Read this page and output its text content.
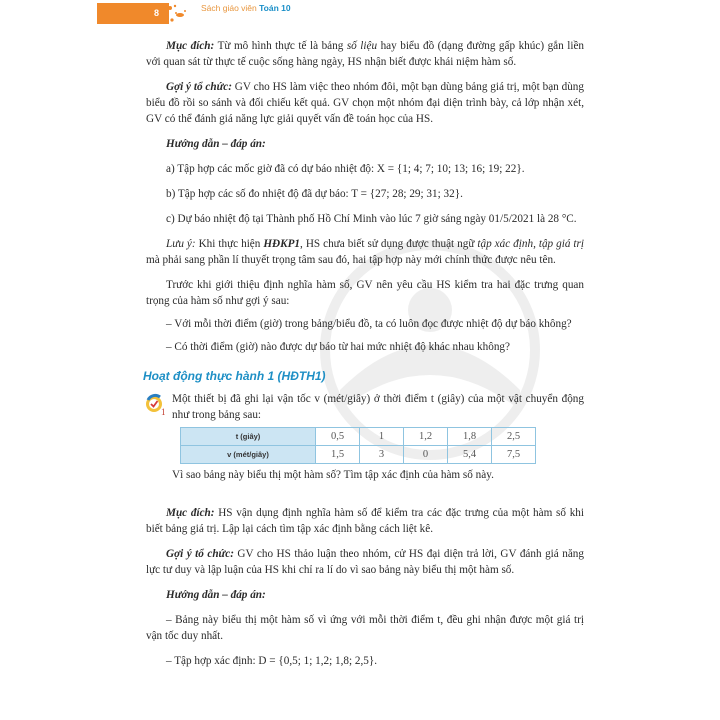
8	Sách giáo viên Toán 10

Mục đích: Từ mô hình thực tế là bảng số liệu hay biểu đồ (dạng đường gấp khúc) gắn liền với quan sát từ thực tế cuộc sống hàng ngày, HS nhận biết được khái niệm hàm số.

Gợi ý tổ chức: GV cho HS làm việc theo nhóm đôi, một bạn dùng bảng giá trị, một bạn dùng biểu đồ rồi so sánh và đối chiếu kết quả. GV chọn một nhóm đại diện trình bày, cả lớp nhận xét, GV có thể đánh giá năng lực giải quyết vấn đề toán học của HS.

Hướng dẫn – đáp án:

a) Tập hợp các mốc giờ đã có dự báo nhiệt độ: X = {1; 4; 7; 10; 13; 16; 19; 22}.

b) Tập hợp các số đo nhiệt độ đã dự báo: T = {27; 28; 29; 31; 32}.

c) Dự báo nhiệt độ tại Thành phố Hồ Chí Minh vào lúc 7 giờ sáng ngày 01/5/2021 là 28 °C.

Lưu ý: Khi thực hiện HĐKP1, HS chưa biết sử dụng được thuật ngữ tập xác định, tập giá trị mà phải sang phần lí thuyết trọng tâm sau đó, hai tập hợp này mới chính thức được nêu tên.

Trước khi giới thiệu định nghĩa hàm số, GV nên yêu cầu HS kiểm tra hai đặc trưng quan trọng của hàm số như gợi ý sau:

– Với mỗi thời điểm (giờ) trong bảng/biểu đồ, ta có luôn đọc được nhiệt độ dự báo không?

– Có thời điểm (giờ) nào được dự báo từ hai mức nhiệt độ khác nhau không?

Hoạt động thực hành 1 (HĐTH1)
1

Một thiết bị đã ghi lại vận tốc v (mét/giây) ở thời điểm t (giây) của một vật chuyển động như trong bảng sau:

t (giây)	0,5	1	1,2	1,8	2,5
v (mét/giây)	1,5	3	0	5,4	7,5

Vì sao bảng này biểu thị một hàm số? Tìm tập xác định của hàm số này.

Mục đích: HS vận dụng định nghĩa hàm số để kiểm tra các đặc trưng của một hàm số khi biết bảng giá trị. Lập lại cách tìm tập xác định bằng cách liệt kê.

Gợi ý tổ chức: GV cho HS thảo luận theo nhóm, cử HS đại diện trả lời, GV đánh giá năng lực tư duy và lập luận của HS khi chỉ ra lí do vì sao bảng này biểu thị một hàm số.

Hướng dẫn – đáp án:

– Bảng này biểu thị một hàm số vì ứng với mỗi thời điểm t, đều ghi nhận được một giá trị vận tốc duy nhất.

– Tập hợp xác định: D = {0,5; 1; 1,2; 1,8; 2,5}.
